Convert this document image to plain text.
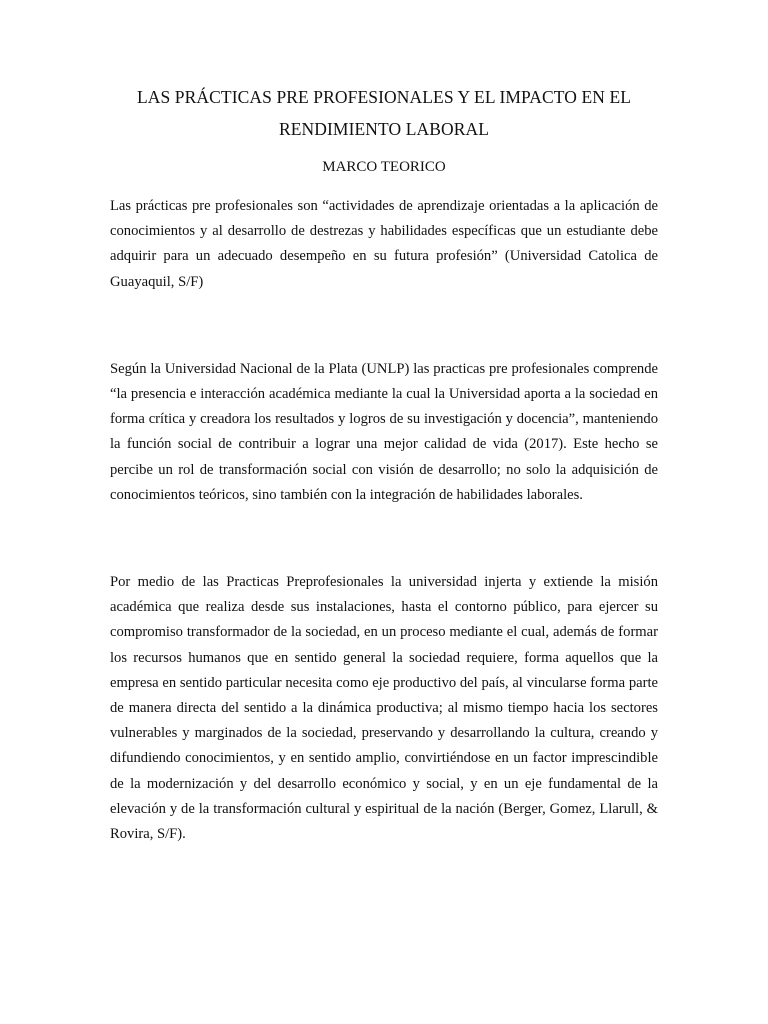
LAS PRÁCTICAS PRE PROFESIONALES Y EL IMPACTO EN EL RENDIMIENTO LABORAL
MARCO TEORICO

Las prácticas pre profesionales son “actividades de aprendizaje orientadas a la aplicación de conocimientos y al desarrollo de destrezas y habilidades específicas que un estudiante debe adquirir para un adecuado desempeño en su futura profesión” (Universidad Catolica de Guayaquil, S/F)

Según la Universidad Nacional de la Plata (UNLP) las practicas pre profesionales comprende “la presencia e interacción académica mediante la cual la Universidad aporta a la sociedad en forma crítica y creadora los resultados y logros de su investigación y docencia”, manteniendo la función social de contribuir a lograr una mejor calidad de vida (2017). Este hecho se percibe un rol de transformación social con visión de desarrollo; no solo la adquisición de conocimientos teóricos, sino también con la integración de habilidades laborales.

Por medio de las Practicas Preprofesionales la universidad injerta y extiende la misión académica que realiza desde sus instalaciones, hasta el contorno público, para ejercer su compromiso transformador de la sociedad, en un proceso mediante el cual, además de formar los recursos humanos que en sentido general la sociedad requiere, forma aquellos que la empresa en sentido particular necesita como eje productivo del país, al vincularse forma parte de manera directa del sentido a la dinámica productiva; al mismo tiempo hacia los sectores vulnerables y marginados de la sociedad, preservando y desarrollando la cultura, creando y difundiendo conocimientos, y en sentido amplio, convirtiéndose en un factor imprescindible de la modernización y del desarrollo económico y social, y en un eje fundamental de la elevación y de la transformación cultural y espiritual de la nación (Berger, Gomez, Llarull, & Rovira, S/F).
